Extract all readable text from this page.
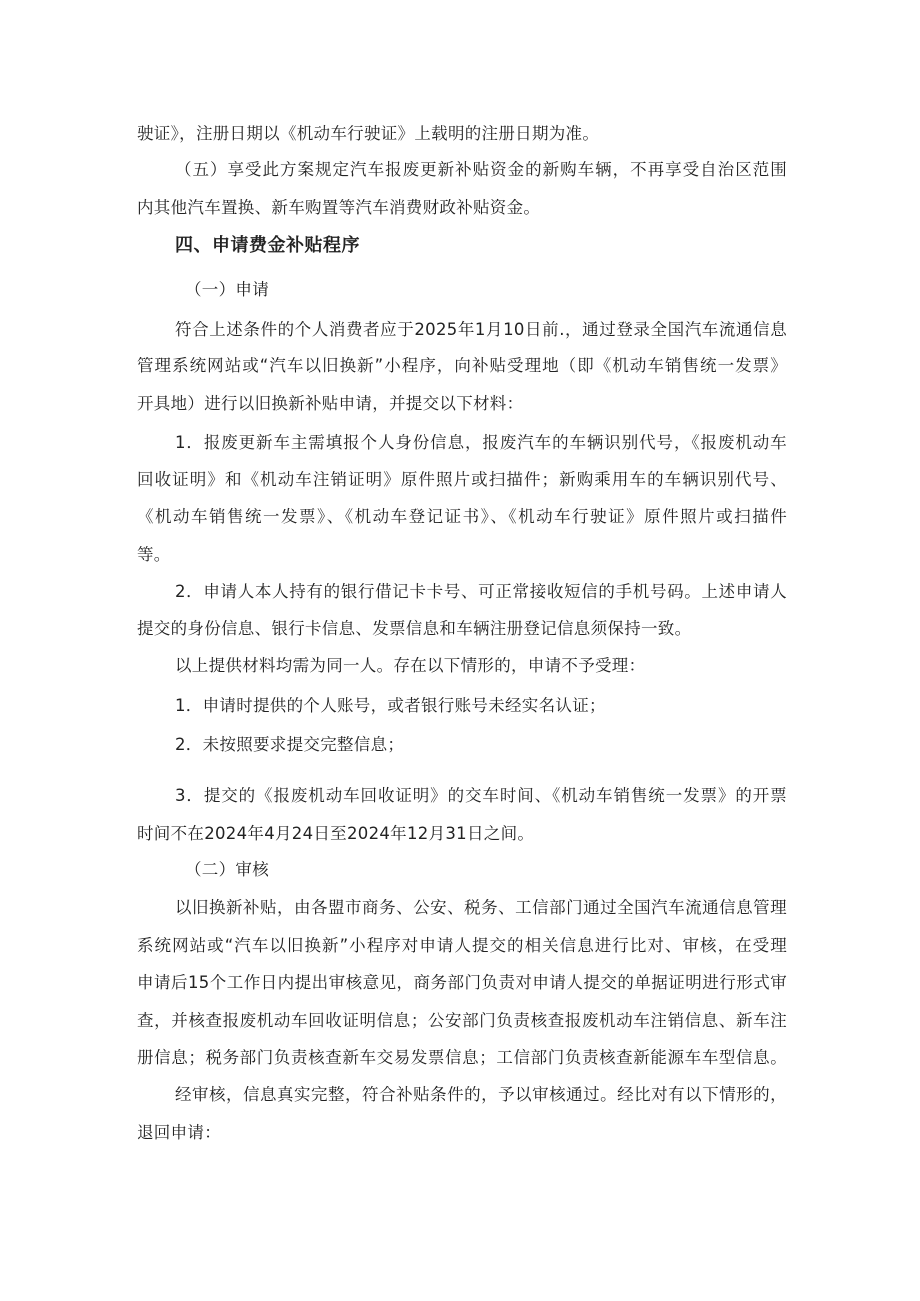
驶证》，注册日期以《机动车行驶证》上载明的注册日期为准。
（五）享受此方案规定汽车报废更新补贴资金的新购车辆，不再享受自治区范围
内其他汽车置换、新车购置等汽车消费财政补贴资金。
四、申请费金补贴程序
（一）申请
符合上述条件的个人消费者应于2025年1月10日前.，通过登录全国汽车流通信息
管理系统网站或“汽车以旧换新”小程序，向补贴受理地（即《机动车销售统一发票》
开具地）进行以旧换新补贴申请，并提交以下材料：
1．报废更新车主需填报个人身份信息，报废汽车的车辆识别代号，《报废机动车
回收证明》和《机动车注销证明》原件照片或扫描件；新购乘用车的车辆识别代号、
《机动车销售统一发票》、《机动车登记证书》、《机动车行驶证》原件照片或扫描件
等。
2．申请人本人持有的银行借记卡卡号、可正常接收短信的手机号码。上述申请人
提交的身份信息、银行卡信息、发票信息和车辆注册登记信息须保持一致。
以上提供材料均需为同一人。存在以下情形的，申请不予受理：
1．申请时提供的个人账号，或者银行账号未经实名认证；
2．未按照要求提交完整信息；
3．提交的《报废机动车回收证明》的交车时间、《机动车销售统一发票》的开票
时间不在2024年4月24日至2024年12月31日之间。
（二）审核
以旧换新补贴，由各盟市商务、公安、税务、工信部门通过全国汽车流通信息管理
系统网站或“汽车以旧换新”小程序对申请人提交的相关信息进行比对、审核，在受理
申请后15个工作日内提出审核意见，商务部门负责对申请人提交的单据证明进行形式审
查，并核查报废机动车回收证明信息；公安部门负责核查报废机动车注销信息、新车注
册信息；税务部门负责核查新车交易发票信息；工信部门负责核查新能源车车型信息。
经审核，信息真实完整，符合补贴条件的，予以审核通过。经比对有以下情形的，
退回申请：
